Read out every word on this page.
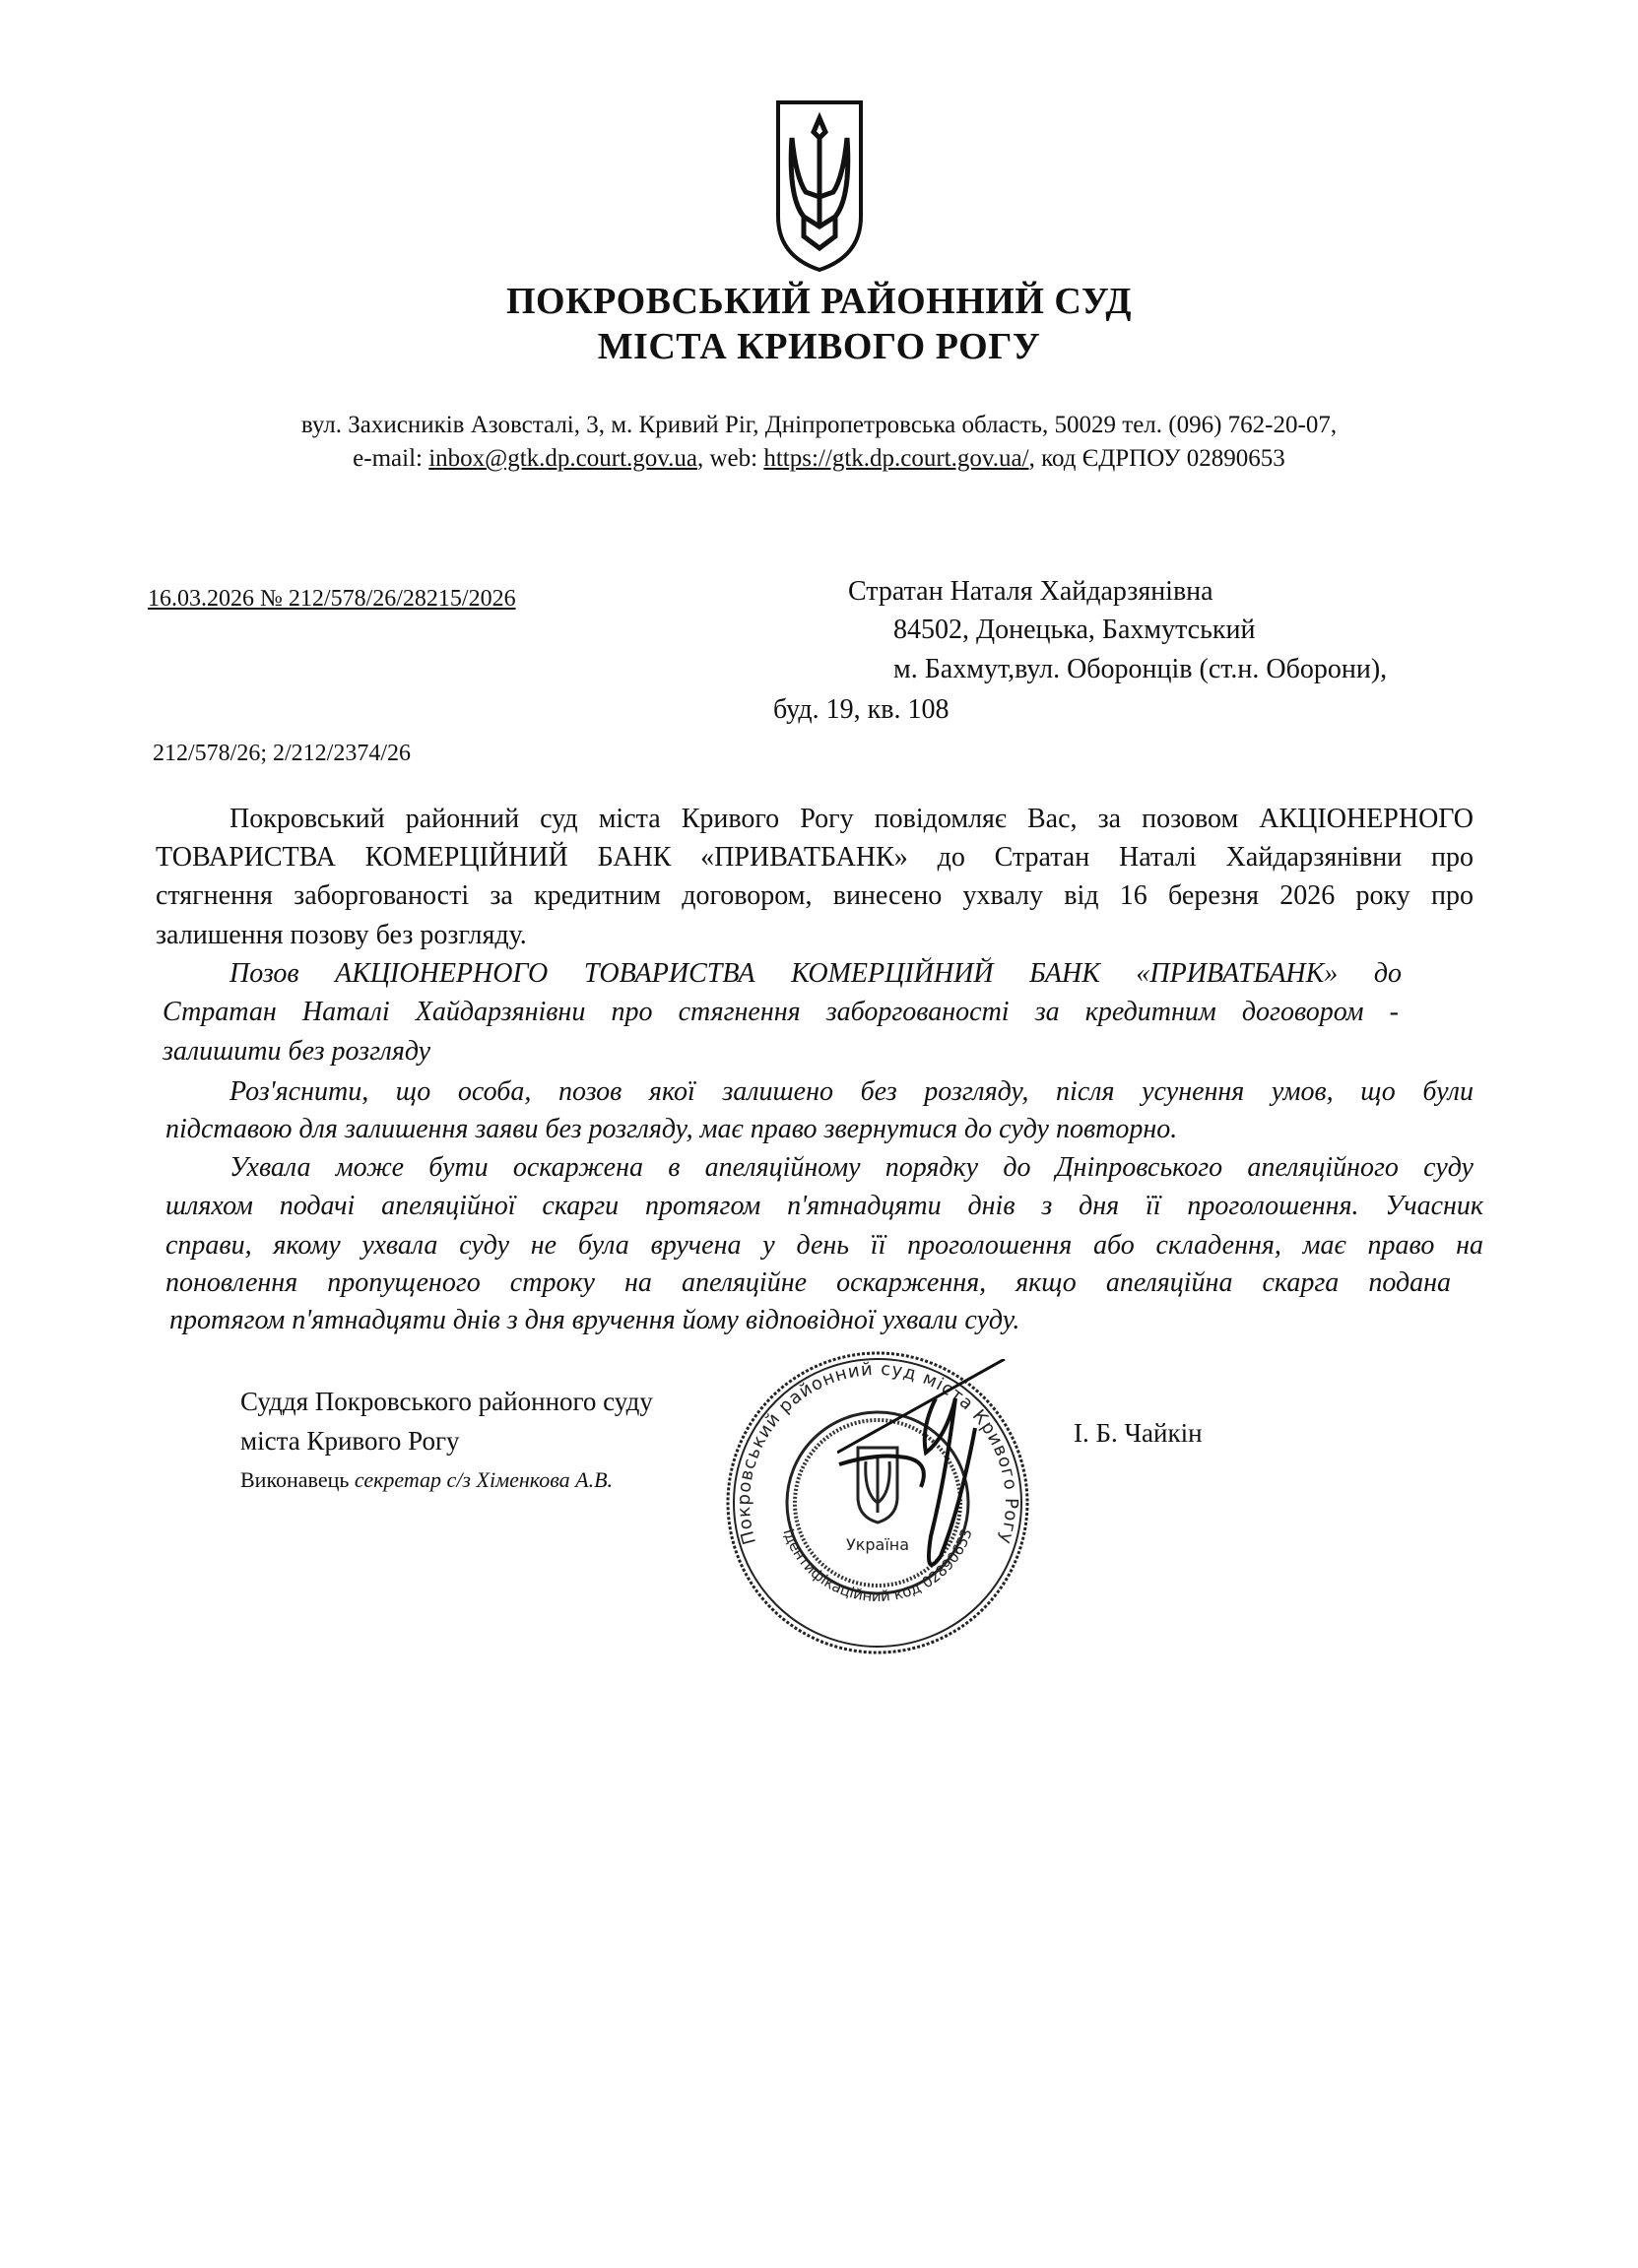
ПОКРОВСЬКИЙ РАЙОННИЙ СУД
МІСТА КРИВОГО РОГУ
вул. Захисників Азовсталі, 3, м. Кривий Ріг, Дніпропетровська область, 50029 тел. (096) 762-20-07,
e-mail: inbox@gtk.dp.court.gov.ua, web: https://gtk.dp.court.gov.ua/, код ЄДРПОУ 02890653
16.03.2026 № 212/578/26/28215/2026	Стратан Наталя Хайдарзянівна
84502, Донецька, Бахмутський
м. Бахмут,вул. Оборонців (ст.н. Оборони),
буд. 19, кв. 108
212/578/26; 2/212/2374/26
Покровський районний суд міста Кривого Рогу повідомляє Вас, за позовом АКЦІОНЕРНОГО
ТОВАРИСТВА КОМЕРЦІЙНИЙ БАНК «ПРИВАТБАНК» до Стратан Наталі Хайдарзянівни про
стягнення заборгованості за кредитним договором, винесено ухвалу від 16 березня 2026 року про
залишення позову без розгляду.
Позов АКЦІОНЕРНОГО ТОВАРИСТВА КОМЕРЦІЙНИЙ БАНК «ПРИВАТБАНК» до
Стратан Наталі Хайдарзянівни про стягнення заборгованості за кредитним договором -
залишити без розгляду
Роз'яснити, що особа, позов якої залишено без розгляду, після усунення умов, що були
підставою для залишення заяви без розгляду, має право звернутися до суду повторно.
Ухвала може бути оскаржена в апеляційному порядку до Дніпровського апеляційного суду
шляхом подачі апеляційної скарги протягом п'ятнадцяти днів з дня її проголошення. Учасник
справи, якому ухвала суду не була вручена у день її проголошення або складення, має право на
поновлення пропущеного строку на апеляційне оскарження, якщо апеляційна скарга подана
протягом п'ятнадцяти днів з дня вручення йому відповідної ухвали суду.
Суддя Покровського районного суду
міста Кривого Рогу
Виконавець секретар с/з Хіменкова А.В.
І. Б. Чайкін
Покровський районний суд міста Кривого Рогу
Ідентифікаційний код 02890653
Україна
